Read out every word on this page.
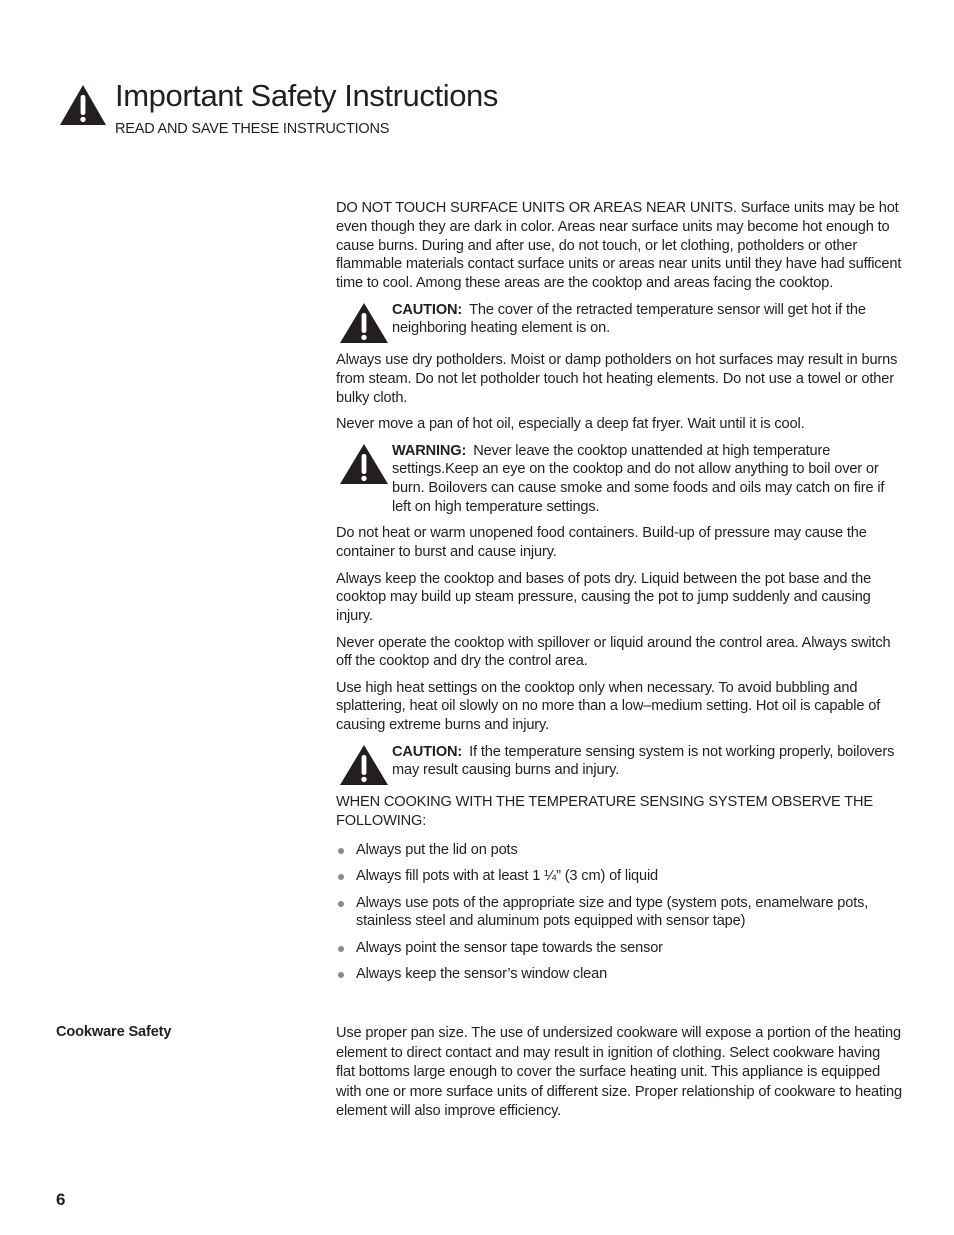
Important Safety Instructions
READ AND SAVE THESE INSTRUCTIONS

DO NOT TOUCH SURFACE UNITS OR AREAS NEAR UNITS. Surface units may be hot even though they are dark in color. Areas near surface units may become hot enough to cause burns. During and after use, do not touch, or let clothing, potholders or other flammable materials contact surface units or areas near units until they have had sufficent time to cool. Among these areas are the cooktop and areas facing the cooktop.

CAUTION: The cover of the retracted temperature sensor will get hot if the neighboring heating element is on.

Always use dry potholders. Moist or damp potholders on hot surfaces may result in burns from steam. Do not let potholder touch hot heating elements. Do not use a towel or other bulky cloth.

Never move a pan of hot oil, especially a deep fat fryer. Wait until it is cool.

WARNING: Never leave the cooktop unattended at high temperature settings.Keep an eye on the cooktop and do not allow anything to boil over or burn. Boilovers can cause smoke and some foods and oils may catch on fire if left on high temperature settings.

Do not heat or warm unopened food containers. Build-up of pressure may cause the container to burst and cause injury.

Always keep the cooktop and bases of pots dry. Liquid between the pot base and the cooktop may build up steam pressure, causing the pot to jump suddenly and causing injury.

Never operate the cooktop with spillover or liquid around the control area. Always switch off the cooktop and dry the control area.

Use high heat settings on the cooktop only when necessary. To avoid bubbling and splattering, heat oil slowly on no more than a low–medium setting. Hot oil is capable of causing extreme burns and injury.

CAUTION: If the temperature sensing system is not working properly, boilovers may result causing burns and injury.

WHEN COOKING WITH THE TEMPERATURE SENSING SYSTEM OBSERVE THE FOLLOWING:

Always put the lid on pots
Always fill pots with at least 1 ¼” (3 cm) of liquid
Always use pots of the appropriate size and type (system pots, enamelware pots, stainless steel and aluminum pots equipped with sensor tape)
Always point the sensor tape towards the sensor
Always keep the sensor’s window clean
Cookware Safety	Use proper pan size. The use of undersized cookware will expose a portion of the heating element to direct contact and may result in ignition of clothing. Select cookware having flat bottoms large enough to cover the surface heating unit. This appliance is equipped with one or more surface units of different size. Proper relationship of cookware to heating element will also improve efficiency.

6
